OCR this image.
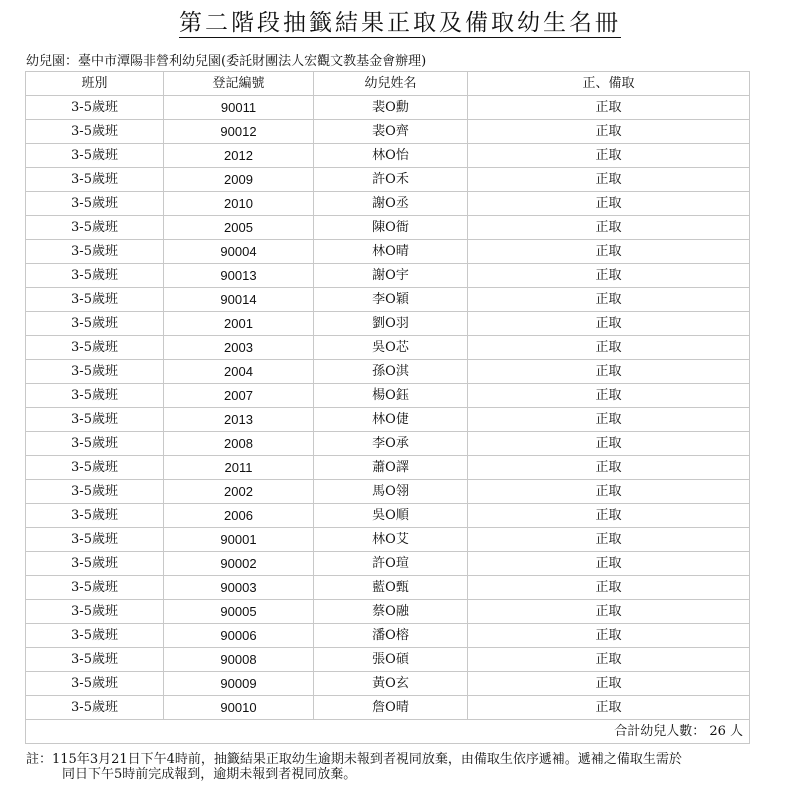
第二階段抽籤結果正取及備取幼生名冊
幼兒園：臺中市潭陽非營利幼兒園(委託財團法人宏觀文教基金會辦理)
班別	登記編號	幼兒姓名	正、備取
3-5歲班	90011	裴O勳	正取
3-5歲班	90012	裴O齊	正取
3-5歲班	2012	林O怡	正取
3-5歲班	2009	許O禾	正取
3-5歲班	2010	謝O丞	正取
3-5歲班	2005	陳O衙	正取
3-5歲班	90004	林O晴	正取
3-5歲班	90013	謝O宇	正取
3-5歲班	90014	李O穎	正取
3-5歲班	2001	劉O羽	正取
3-5歲班	2003	吳O芯	正取
3-5歲班	2004	孫O淇	正取
3-5歲班	2007	楊O鈺	正取
3-5歲班	2013	林O倢	正取
3-5歲班	2008	李O承	正取
3-5歲班	2011	蕭O譯	正取
3-5歲班	2002	馬O翎	正取
3-5歲班	2006	吳O順	正取
3-5歲班	90001	林O艾	正取
3-5歲班	90002	許O瑄	正取
3-5歲班	90003	藍O甄	正取
3-5歲班	90005	蔡O融	正取
3-5歲班	90006	潘O榕	正取
3-5歲班	90008	張O碩	正取
3-5歲班	90009	黃O玄	正取
3-5歲班	90010	詹O晴	正取
合計幼兒人數： 26 人			
註：115年3月21日下午4時前，抽籤結果正取幼生逾期未報到者視同放棄，由備取生依序遞補。遞補之備取生需於
同日下午5時前完成報到，逾期未報到者視同放棄。
